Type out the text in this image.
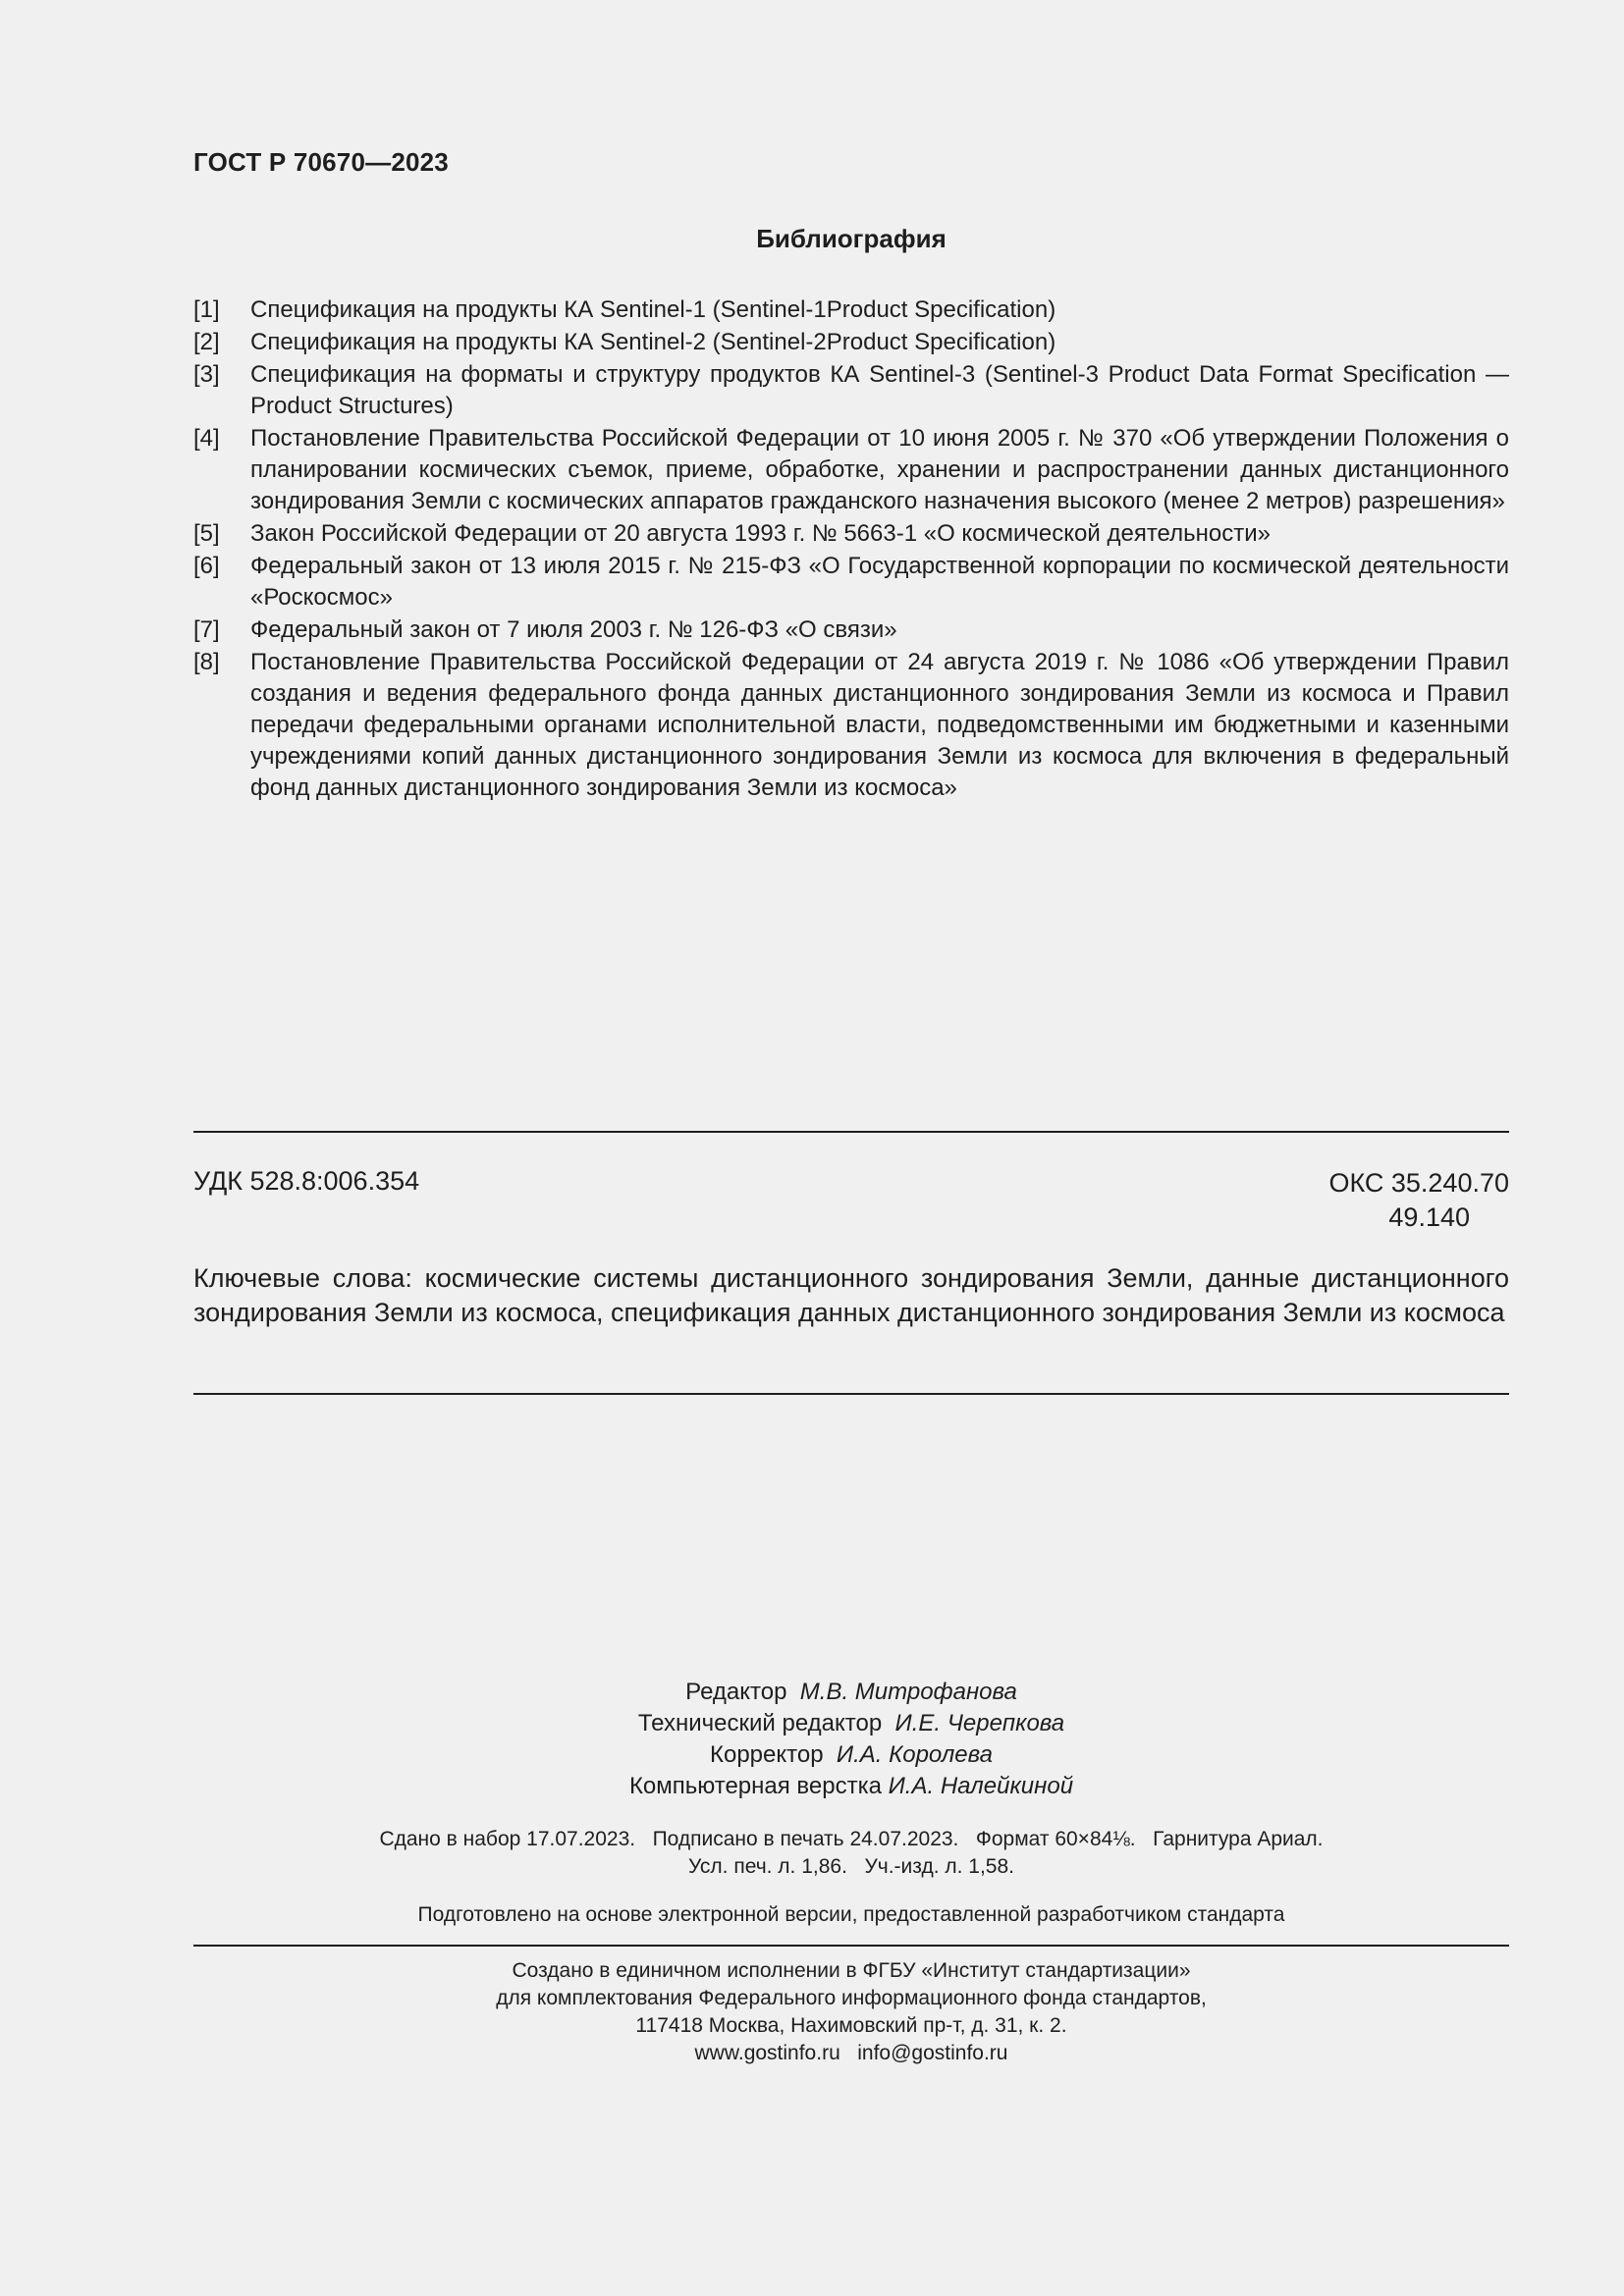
ГОСТ Р 70670—2023
Библиография
[1]	Спецификация на продукты КА Sentinel-1 (Sentinel-1Product Specification)
[2]	Спецификация на продукты КА Sentinel-2 (Sentinel-2Product Specification)
[3]	Спецификация на форматы и структуру продуктов КА Sentinel-3 (Sentinel-3 Product Data Format Specification — Product Structures)
[4]	Постановление Правительства Российской Федерации от 10 июня 2005 г. № 370 «Об утверждении Положения о планировании космических съемок, приеме, обработке, хранении и распространении данных дистанционного зондирования Земли с космических аппаратов гражданского назначения высокого (менее 2 метров) разрешения»
[5]	Закон Российской Федерации от 20 августа 1993 г. № 5663-1 «О космической деятельности»
[6]	Федеральный закон от 13 июля 2015 г. № 215-ФЗ «О Государственной корпорации по космической деятельности «Роскосмос»
[7]	Федеральный закон от 7 июля 2003 г. № 126-ФЗ «О связи»
[8]	Постановление Правительства Российской Федерации от 24 августа 2019 г. № 1086 «Об утверждении Правил создания и ведения федерального фонда данных дистанционного зондирования Земли из космоса и Правил передачи федеральными органами исполнительной власти, подведомственными им бюджетными и казенными учреждениями копий данных дистанционного зондирования Земли из космоса для включения в федеральный фонд данных дистанционного зондирования Земли из космоса»
УДК 528.8:006.354	ОКС 35.240.70
49.140
Ключевые слова: космические системы дистанционного зондирования Земли, данные дистанционного зондирования Земли из космоса, спецификация данных дистанционного зондирования Земли из космоса
Редактор М.В. Митрофанова
Технический редактор И.Е. Черепкова
Корректор И.А. Королева
Компьютерная верстка И.А. Налейкиной
Сдано в набор 17.07.2023.   Подписано в печать 24.07.2023.   Формат 60×84⅛.   Гарнитура Ариал.
Усл. печ. л. 1,86.   Уч.-изд. л. 1,58.
Подготовлено на основе электронной версии, предоставленной разработчиком стандарта
Создано в единичном исполнении в ФГБУ «Институт стандартизации»
для комплектования Федерального информационного фонда стандартов,
117418 Москва, Нахимовский пр-т, д. 31, к. 2.
www.gostinfo.ru   info@gostinfo.ru
